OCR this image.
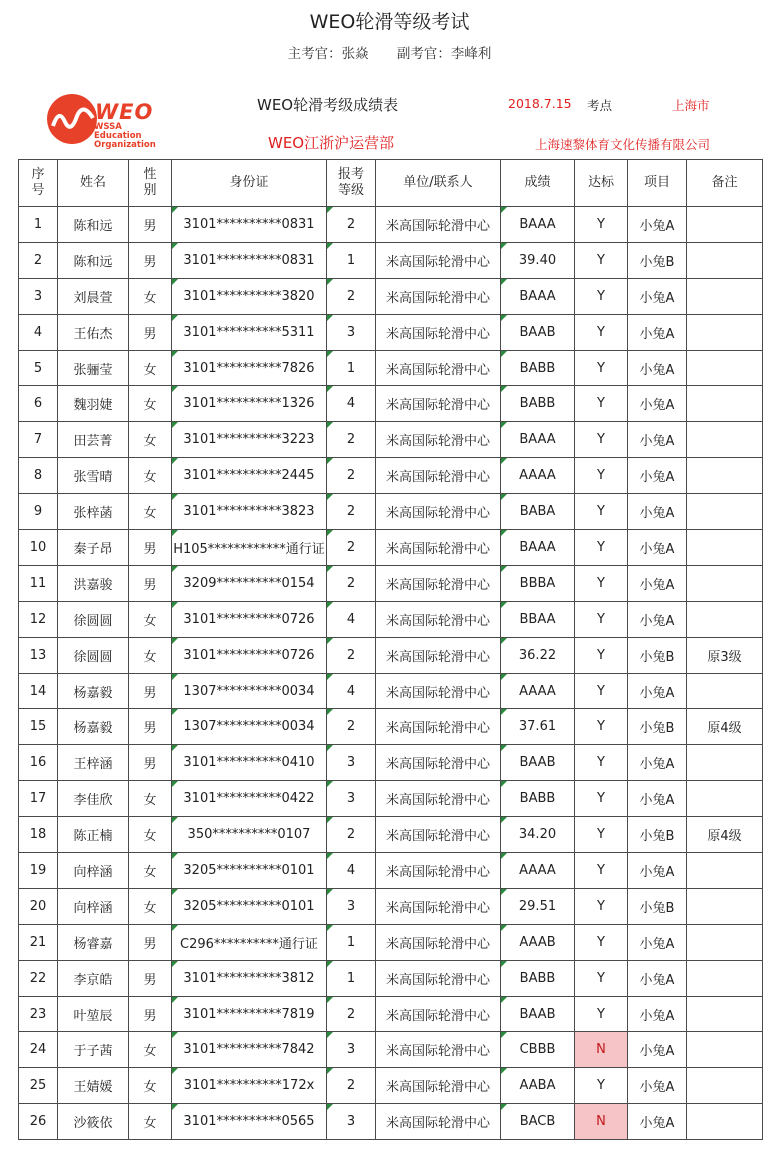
WEO轮滑等级考试
主考官：张焱 副考官：李峰利
WEO
WSSA
Education
Organization
WEO轮滑考级成绩表	2018.7.15 考点	上海市
WEO江浙沪运营部	上海速黎体育文化传播有限公司
序号	姓名	性别	身份证	报考等级	单位/联系人	成绩	达标	项目	备注
1	陈和远	男	3101**********0831	2	米高国际轮滑中心	BAAA	Y	小兔A	
2	陈和远	男	3101**********0831	1	米高国际轮滑中心	39.40	Y	小兔B	
3	刘晨萱	女	3101**********3820	2	米高国际轮滑中心	BAAA	Y	小兔A	
4	王佑杰	男	3101**********5311	3	米高国际轮滑中心	BAAB	Y	小兔A	
5	张骊莹	女	3101**********7826	1	米高国际轮滑中心	BABB	Y	小兔A	
6	魏羽婕	女	3101**********1326	4	米高国际轮滑中心	BABB	Y	小兔A	
7	田芸菁	女	3101**********3223	2	米高国际轮滑中心	BAAA	Y	小兔A	
8	张雪晴	女	3101**********2445	2	米高国际轮滑中心	AAAA	Y	小兔A	
9	张梓菡	女	3101**********3823	2	米高国际轮滑中心	BABA	Y	小兔A	
10	秦子昂	男	H105************通行证	2	米高国际轮滑中心	BAAA	Y	小兔A	
11	洪嘉骏	男	3209**********0154	2	米高国际轮滑中心	BBBA	Y	小兔A	
12	徐圆圆	女	3101**********0726	4	米高国际轮滑中心	BBAA	Y	小兔A	
13	徐圆圆	女	3101**********0726	2	米高国际轮滑中心	36.22	Y	小兔B	原3级
14	杨嘉毅	男	1307**********0034	4	米高国际轮滑中心	AAAA	Y	小兔A	
15	杨嘉毅	男	1307**********0034	2	米高国际轮滑中心	37.61	Y	小兔B	原4级
16	王梓涵	男	3101**********0410	3	米高国际轮滑中心	BAAB	Y	小兔A	
17	李佳欣	女	3101**********0422	3	米高国际轮滑中心	BABB	Y	小兔A	
18	陈正楠	女	350**********0107	2	米高国际轮滑中心	34.20	Y	小兔B	原4级
19	向梓涵	女	3205**********0101	4	米高国际轮滑中心	AAAA	Y	小兔A	
20	向梓涵	女	3205**********0101	3	米高国际轮滑中心	29.51	Y	小兔B	
21	杨睿嘉	男	C296**********通行证	1	米高国际轮滑中心	AAAB	Y	小兔A	
22	李京皓	男	3101**********3812	1	米高国际轮滑中心	BABB	Y	小兔A	
23	叶堃辰	男	3101**********7819	2	米高国际轮滑中心	BAAB	Y	小兔A	
24	于子茜	女	3101**********7842	3	米高国际轮滑中心	CBBB	N	小兔A	
25	王婧媛	女	3101**********172x	2	米高国际轮滑中心	AABA	Y	小兔A	
26	沙筱依	女	3101**********0565	3	米高国际轮滑中心	BACB	N	小兔A	
